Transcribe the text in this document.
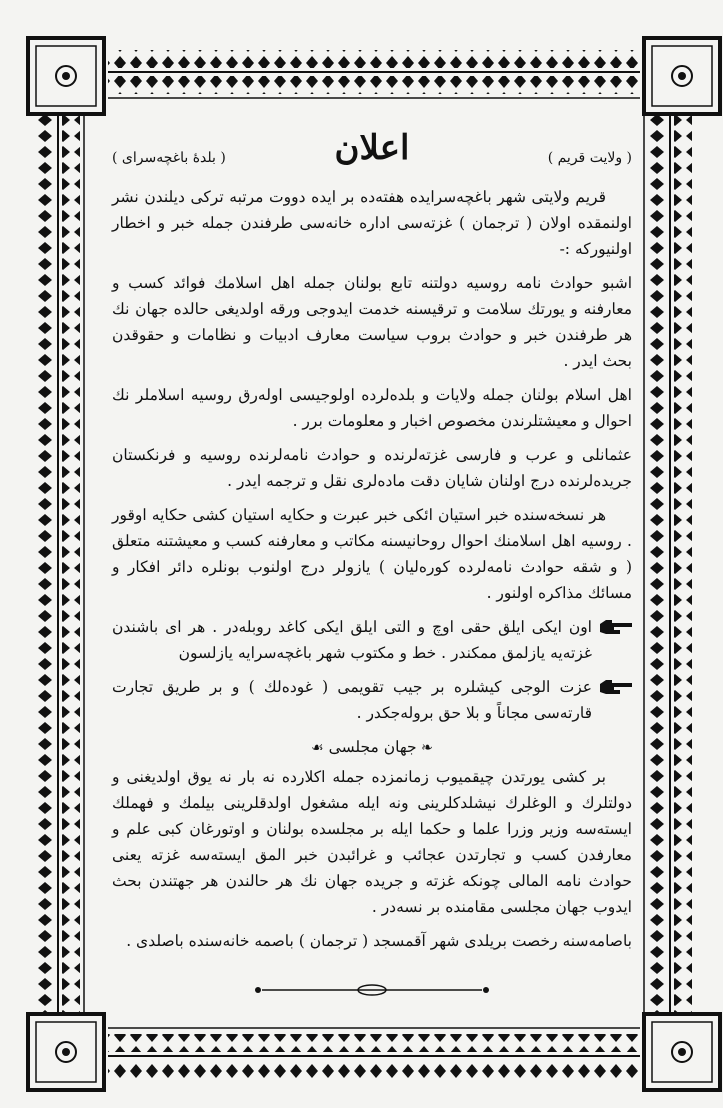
( ولايت قريم )
اعلان
( بلدهٔ باغچه‌سراى )

قريم ولايتى شهر باغچه‌سرايده هفته‌ده بر ايده دووت مرتبه تركى ديلندن نشر اولنمقده اولان ( ترجمان ) غزته‌سى اداره خانه‌سى طرفندن جمله خبر و اخطار اولنيوركه :-

اشبو حوادث نامه روسيه دولتنه تابع بولنان جمله اهل اسلامك فوائد كسب و معارفنه و يورتك سلامت و ترقيسنه خدمت ايدوجى ورقه اولديغى حالده جهان نك هر طرفندن خبر و حوادث بروب سياست معارف ادبيات و نظامات و حقوقدن بحث ايدر .

اهل اسلام بولنان جمله ولايات و بلده‌لرده اولوجيسى اوله‌رق روسيه اسلاملر نك احوال و معيشتلرندن مخصوص اخبار و معلومات برر .

عثمانلى و عرب و فارسى غزته‌لرنده و حوادث نامه‌لرنده روسيه و فرنكستان جريده‌لرنده درج اولنان شايان دقت ماده‌لرى نقل و ترجمه ايدر .

هر نسخه‌سنده خبر استيان ائكى خبر عبرت و حكايه استيان كشى حكايه اوقور . روسيه اهل اسلامنك احوال روحانيسنه مكاتب و معارفنه كسب و معيشتنه متعلق ( و شقه حوادث نامه‌لرده كوره‌ليان ) يازولر درج اولنوب بونلره دائر افكار و مسائك مذاكره اولنور .

اون ايكى ايلق حقى اوچ و التى ايلق ايكى كاغد روبله‌در . هر اى باشندن غزته‌يه يازلمق ممكندر . خط و مكتوب شهر باغچه‌سرايه يازلسون

عزت الوجى كيشلره بر جيب تقويمى ( غوده‌لك ) و بر طريق تجارت قارته‌سى مجاناً و بلا حق بروله‌جكدر .

❧ جهان مجلسى ☙

بر كشى يورتدن چيقميوب زمانمزده جمله اكلارده نه بار نه يوق اولديغنى و دولتلرك و الوغلرك نيشلدكلرينى ونه ايله مشغول اولدقلرينى بيلمك و فهملك ايسته‌سه وزير وزرا علما و حكما ايله بر مجلسده بولنان و اوتورغان كبى علم و معارفدن كسب و تجارتدن عجائب و غرائبدن خبر المق ايسته‌سه غزته يعنى حوادث نامه المالى چونكه غزته و جريده جهان نك هر حالندن هر جهتندن بحث ايدوب جهان مجلسى مقامنده بر نسه‌در .

باصامه‌سنه رخصت بريلدى شهر آقمسجد ( ترجمان ) باصمه خانه‌سنده باصلدى .
